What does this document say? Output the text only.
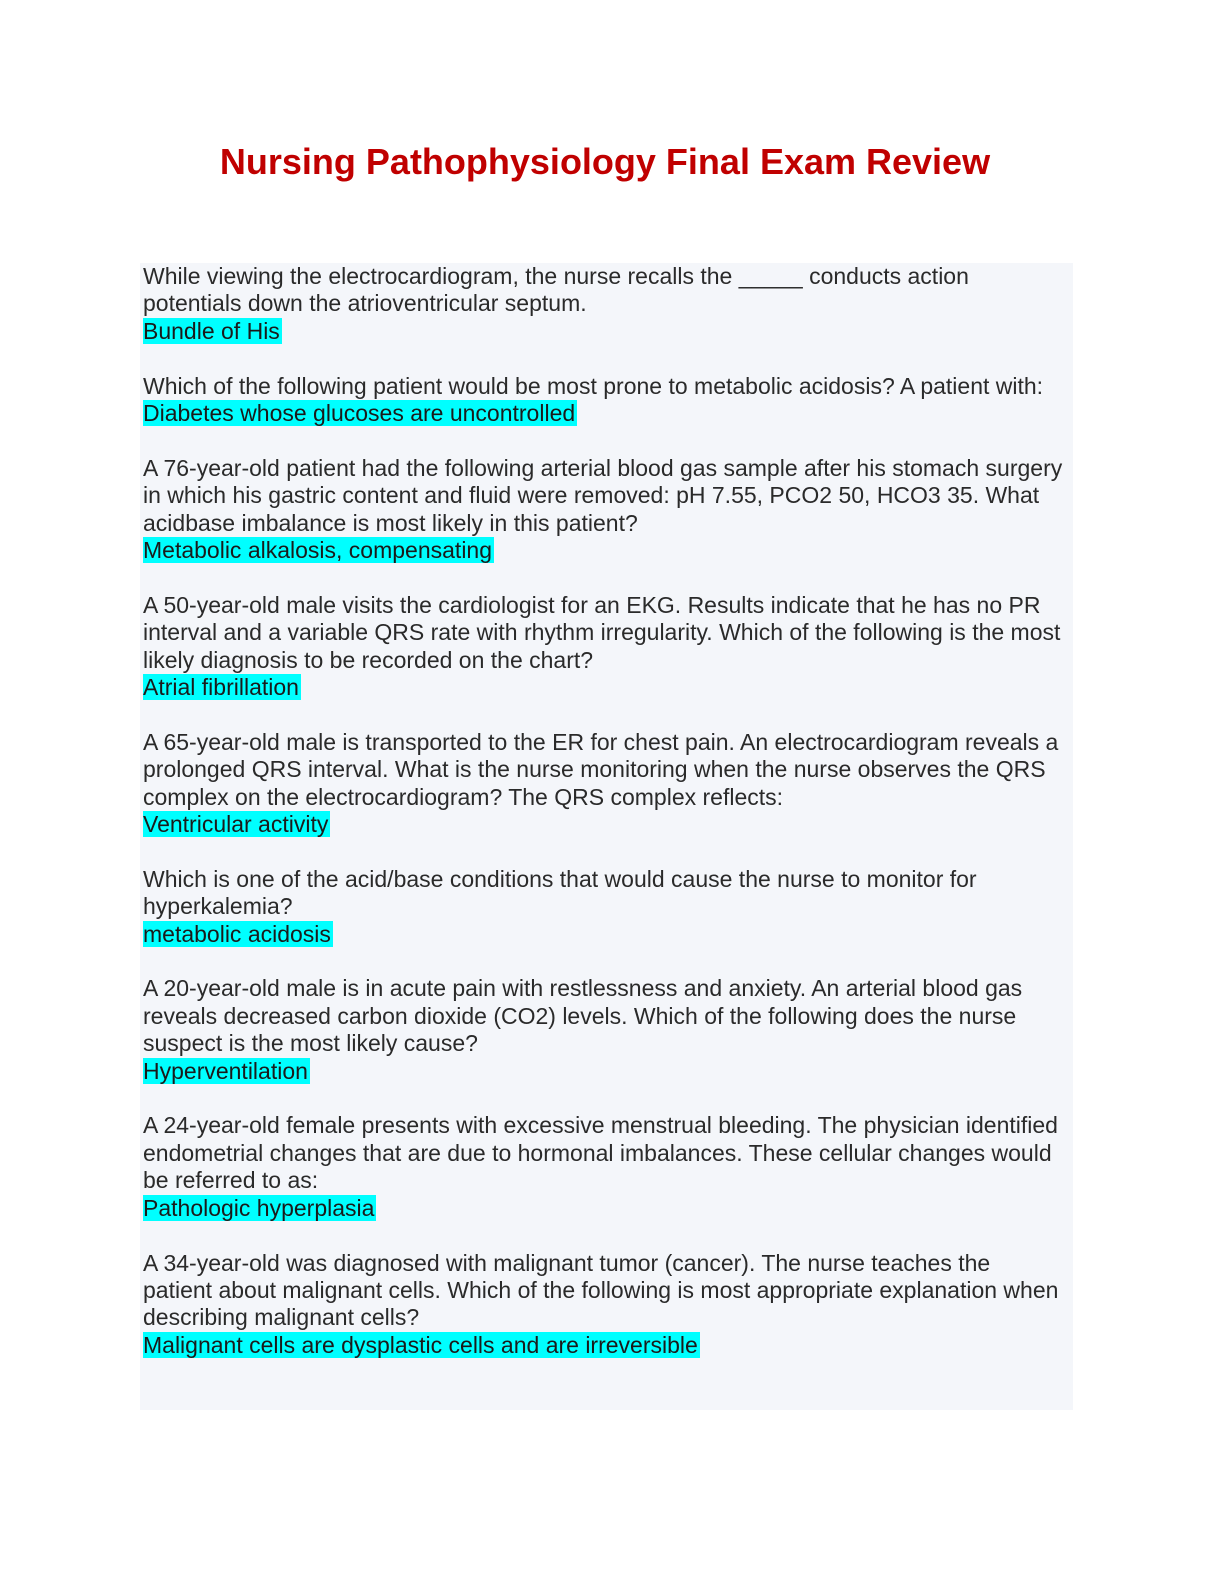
Nursing Pathophysiology Final Exam Review
While viewing the electrocardiogram, the nurse recalls the _____ conducts action potentials down the atrioventricular septum.
Bundle of His
Which of the following patient would be most prone to metabolic acidosis? A patient with:
Diabetes whose glucoses are uncontrolled
A 76-year-old patient had the following arterial blood gas sample after his stomach surgery in which his gastric content and fluid were removed: pH 7.55, PCO2 50, HCO3 35. What acidbase imbalance is most likely in this patient?
Metabolic alkalosis, compensating
A 50-year-old male visits the cardiologist for an EKG. Results indicate that he has no PR interval and a variable QRS rate with rhythm irregularity. Which of the following is the most likely diagnosis to be recorded on the chart?
Atrial fibrillation
A 65-year-old male is transported to the ER for chest pain. An electrocardiogram reveals a prolonged QRS interval. What is the nurse monitoring when the nurse observes the QRS complex on the electrocardiogram? The QRS complex reflects:
Ventricular activity
Which is one of the acid/base conditions that would cause the nurse to monitor for hyperkalemia?
metabolic acidosis
A 20-year-old male is in acute pain with restlessness and anxiety. An arterial blood gas reveals decreased carbon dioxide (CO2) levels. Which of the following does the nurse suspect is the most likely cause?
Hyperventilation
A 24-year-old female presents with excessive menstrual bleeding. The physician identified endometrial changes that are due to hormonal imbalances. These cellular changes would be referred to as:
Pathologic hyperplasia
A 34-year-old was diagnosed with malignant tumor (cancer). The nurse teaches the patient about malignant cells. Which of the following is most appropriate explanation when describing malignant cells?
Malignant cells are dysplastic cells and are irreversible
